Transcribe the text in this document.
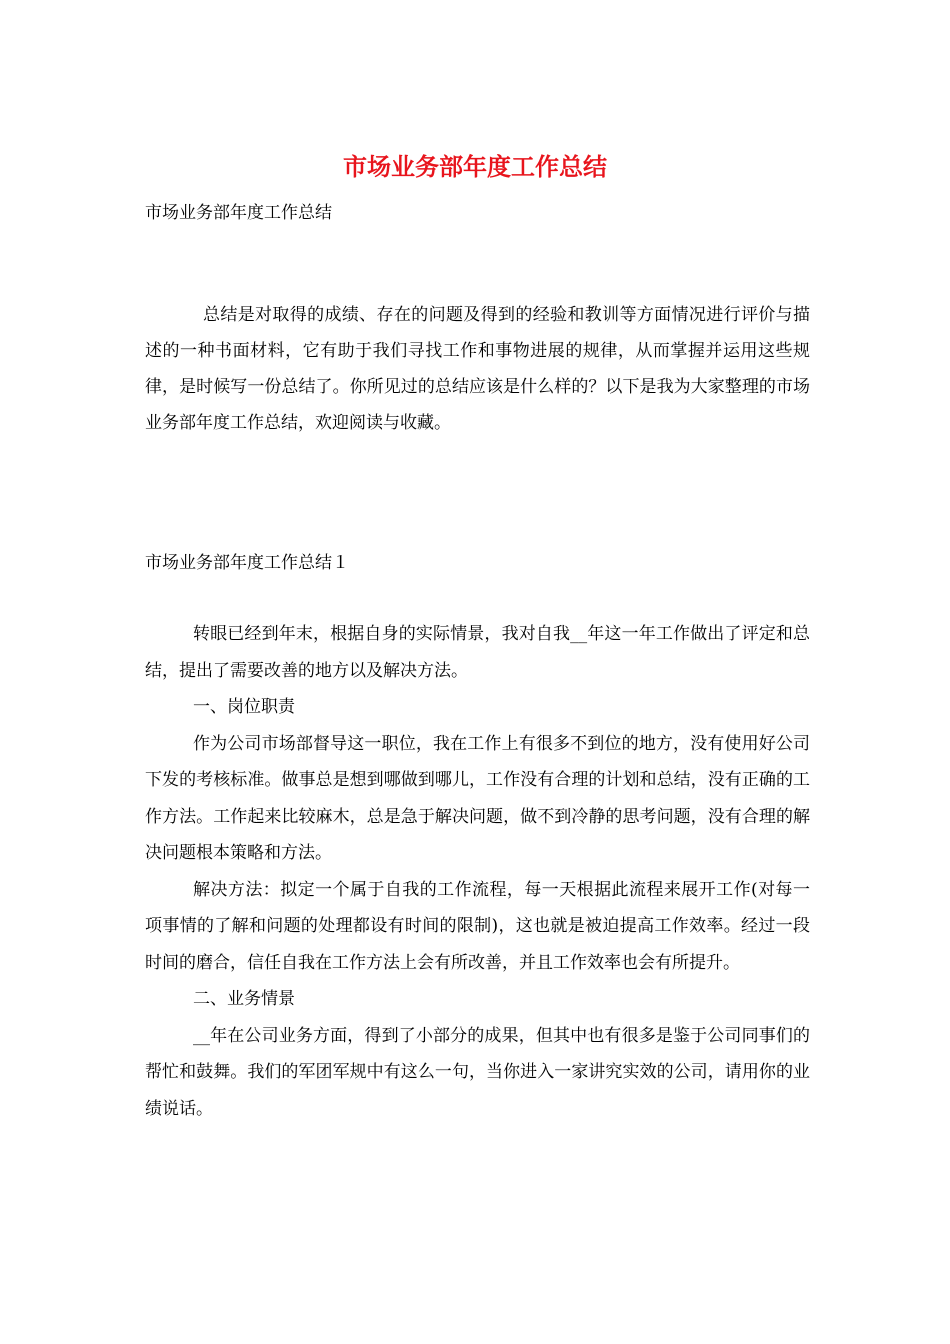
市场业务部年度工作总结

市场业务部年度工作总结

总结是对取得的成绩、存在的问题及得到的经验和教训等方面情况进行评价与描述的一种书面材料，它有助于我们寻找工作和事物进展的规律，从而掌握并运用这些规律，是时候写一份总结了。你所见过的总结应该是什么样的？以下是我为大家整理的市场业务部年度工作总结，欢迎阅读与收藏。

市场业务部年度工作总结１

转眼已经到年末，根据自身的实际情景，我对自我__年这一年工作做出了评定和总结，提出了需要改善的地方以及解决方法。

一、岗位职责

作为公司市场部督导这一职位，我在工作上有很多不到位的地方，没有使用好公司下发的考核标准。做事总是想到哪做到哪儿，工作没有合理的计划和总结，没有正确的工作方法。工作起来比较麻木，总是急于解决问题，做不到冷静的思考问题，没有合理的解决问题根本策略和方法。

解决方法：拟定一个属于自我的工作流程，每一天根据此流程来展开工作(对每一项事情的了解和问题的处理都设有时间的限制)，这也就是被迫提高工作效率。经过一段时间的磨合，信任自我在工作方法上会有所改善，并且工作效率也会有所提升。

二、业务情景

__年在公司业务方面，得到了小部分的成果，但其中也有很多是鉴于公司同事们的帮忙和鼓舞。我们的军团军规中有这么一句，当你进入一家讲究实效的公司，请用你的业绩说话。
